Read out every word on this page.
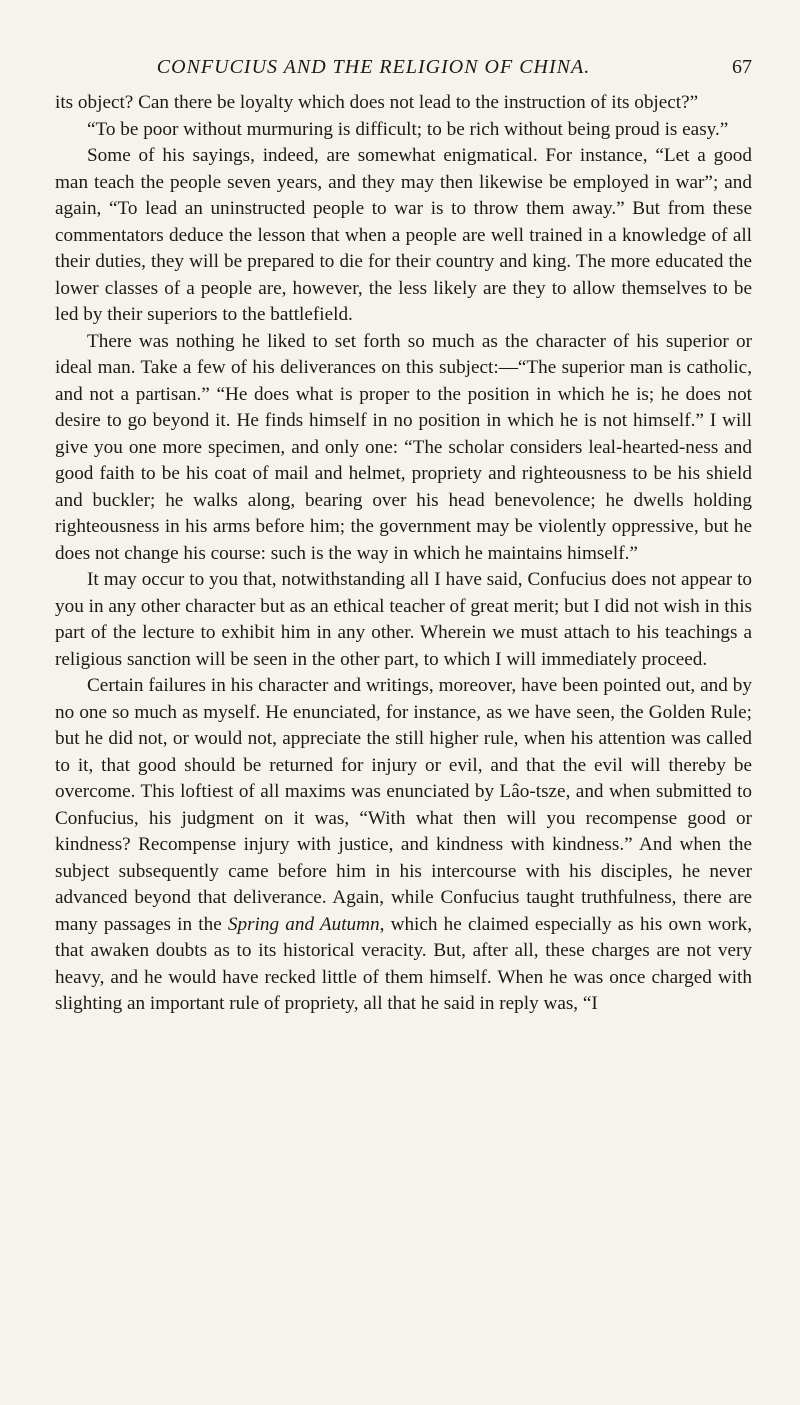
CONFUCIUS AND THE RELIGION OF CHINA.	67

its object? Can there be loyalty which does not lead to the instruction of its object?”

“To be poor without murmuring is difficult; to be rich without being proud is easy.”

Some of his sayings, indeed, are somewhat enigmatical. For instance, “Let a good man teach the people seven years, and they may then likewise be employed in war”; and again, “To lead an uninstructed people to war is to throw them away.” But from these commentators deduce the lesson that when a people are well trained in a knowledge of all their duties, they will be prepared to die for their country and king. The more educated the lower classes of a people are, however, the less likely are they to allow themselves to be led by their superiors to the battlefield.

There was nothing he liked to set forth so much as the character of his superior or ideal man. Take a few of his deliverances on this subject:—“The superior man is catholic, and not a partisan.” “He does what is proper to the position in which he is; he does not desire to go beyond it. He finds himself in no position in which he is not himself.” I will give you one more specimen, and only one: “The scholar considers leal-hearted-ness and good faith to be his coat of mail and helmet, propriety and righteousness to be his shield and buckler; he walks along, bearing over his head benevolence; he dwells holding righteousness in his arms before him; the government may be violently oppressive, but he does not change his course: such is the way in which he maintains himself.”

It may occur to you that, notwithstanding all I have said, Confucius does not appear to you in any other character but as an ethical teacher of great merit; but I did not wish in this part of the lecture to exhibit him in any other. Wherein we must attach to his teachings a religious sanction will be seen in the other part, to which I will immediately proceed.

Certain failures in his character and writings, moreover, have been pointed out, and by no one so much as myself. He enunciated, for instance, as we have seen, the Golden Rule; but he did not, or would not, appreciate the still higher rule, when his attention was called to it, that good should be returned for injury or evil, and that the evil will thereby be overcome. This loftiest of all maxims was enunciated by Lâo-tsze, and when submitted to Confucius, his judgment on it was, “With what then will you recompense good or kindness? Recompense injury with justice, and kindness with kindness.” And when the subject subsequently came before him in his intercourse with his disciples, he never advanced beyond that deliverance. Again, while Confucius taught truthfulness, there are many passages in the Spring and Autumn, which he claimed especially as his own work, that awaken doubts as to its historical veracity. But, after all, these charges are not very heavy, and he would have recked little of them himself. When he was once charged with slighting an important rule of propriety, all that he said in reply was, “I
